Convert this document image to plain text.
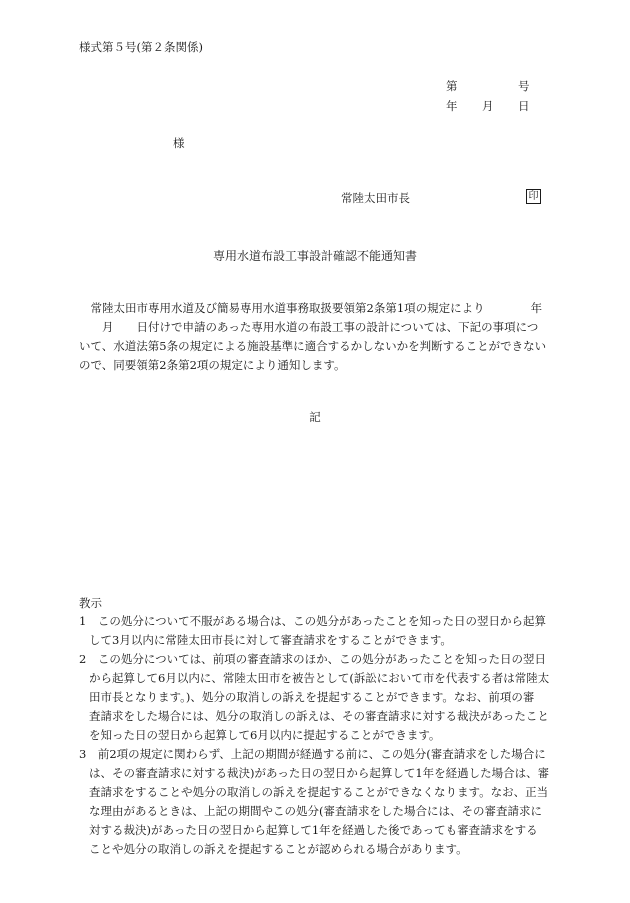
様式第５号(第２条関係)
第	号
年 月 日
様
常陸太田市長	印
専用水道布設工事設計確認不能通知書
　常陸太田市専用水道及び簡易専用水道事務取扱要領第2条第1項の規定により　　　　年
　　月　　日付けで申請のあった専用水道の布設工事の設計については、下記の事項につ
いて、水道法第5条の規定による施設基準に適合するかしないかを判断することができない
ので、同要領第2条第2項の規定により通知します。
記
教示
1　この処分について不服がある場合は、この処分があったことを知った日の翌日から起算
して3月以内に常陸太田市長に対して審査請求をすることができます。
2　この処分については、前項の審査請求のほか、この処分があったことを知った日の翌日
から起算して6月以内に、常陸太田市を被告として(訴訟において市を代表する者は常陸太
田市長となります。)、処分の取消しの訴えを提起することができます。なお、前項の審
査請求をした場合には、処分の取消しの訴えは、その審査請求に対する裁決があったこと
を知った日の翌日から起算して6月以内に提起することができます。
3　前2項の規定に関わらず、上記の期間が経過する前に、この処分(審査請求をした場合に
は、その審査請求に対する裁決)があった日の翌日から起算して1年を経過した場合は、審
査請求をすることや処分の取消しの訴えを提起することができなくなります。なお、正当
な理由があるときは、上記の期間やこの処分(審査請求をした場合には、その審査請求に
対する裁決)があった日の翌日から起算して1年を経過した後であっても審査請求をする
ことや処分の取消しの訴えを提起することが認められる場合があります。
